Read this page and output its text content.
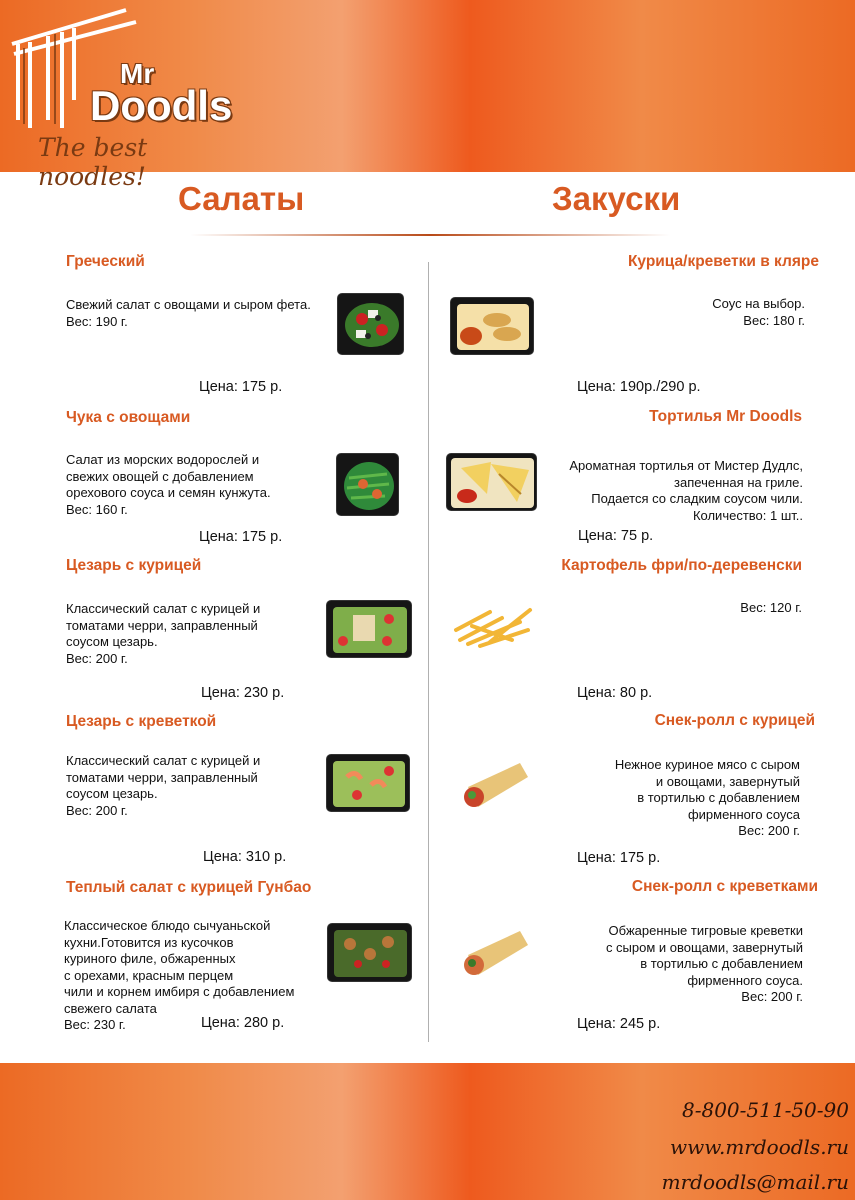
Mr
Doodls
The best noodles!
Салаты	Закуски
Греческий
Свежий салат с овощами и сыром фета.
Вес: 190 г.
Цена: 175 р.
Чука с овощами
Салат из морских водорослей и
свежих овощей с добавлением
орехового соуса и семян кунжута.
Вес: 160 г.
Цена: 175 р.
Цезарь с курицей
Классический салат с курицей и
томатами черри, заправленный
соусом цезарь.
Вес: 200 г.
Цена: 230 р.
Цезарь с креветкой
Классический салат с курицей и
томатами черри, заправленный
соусом цезарь.
Вес: 200 г.
Цена: 310 р.
Теплый салат с курицей Гунбао
Классическое блюдо сычуаньской
кухни.Готовится из кусочков
куриного филе, обжаренных
с орехами, красным перцем
чили и корнем имбиря с добавлением
свежего салата
Вес: 230 г.	Цена: 280 р.
Курица/креветки в кляре
Соус на выбор.
Вес: 180 г.
Цена: 190р./290 р.
Тортилья Mr Doodls
Ароматная тортилья от Мистер Дудлс,
запеченная на гриле.
Подается со сладким соусом чили.
Количество: 1 шт..
Цена: 75 р.
Картофель фри/по-деревенски
Вес: 120 г.
Цена: 80 р.
Снек-ролл с курицей
Нежное куриное мясо с сыром
и овощами, завернутый
в тортилью с добавлением
фирменного соуса
Вес: 200 г.
Цена: 175 р.
Снек-ролл с креветками
Обжаренные тигровые креветки
с сыром и овощами, завернутый
в тортилью с добавлением
фирменного соуса.
Вес: 200 г.
Цена: 245 р.
8-800-511-50-90
www.mrdoodls.ru
mrdoodls@mail.ru
